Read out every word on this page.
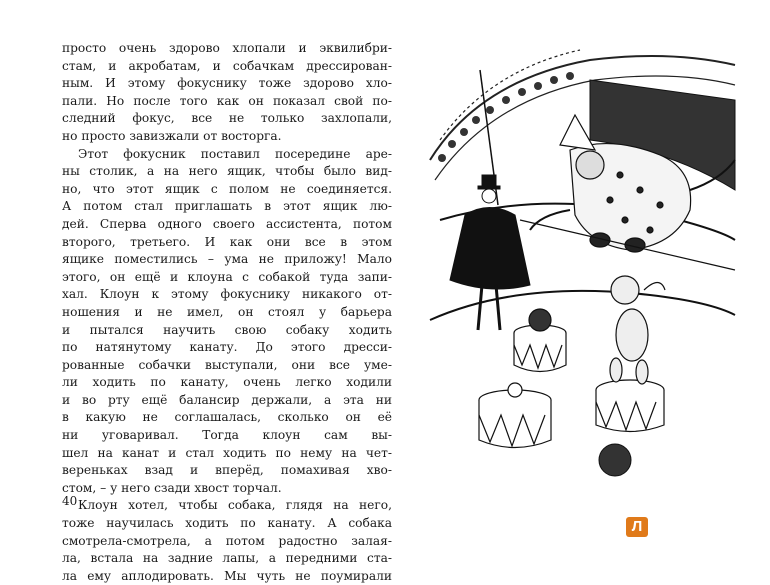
просто очень здорово хлопали и эквилибри-
стам, и акробатам, и собачкам дрессирован-
ным. И этому фокуснику тоже здорово хло-
пали. Но после того как он показал свой по-
следний фокус, все не только захлопали,
но просто завизжали от восторга.
Этот фокусник поставил посередине аре-
ны столик, а на него ящик, чтобы было вид-
но, что этот ящик с полом не соединяется.
А потом стал приглашать в этот ящик лю-
дей. Сперва одного своего ассистента, потом
второго, третьего. И как они все в этом
ящике поместились – ума не приложу! Мало
этого, он ещё и клоуна с собакой туда запи-
хал. Клоун к этому фокуснику никакого от-
ношения и не имел, он стоял у барьера
и пытался научить свою собаку ходить
по натянутому канату. До этого дресси-
рованные собачки выступали, они все уме-
ли ходить по канату, очень легко ходили
и во рту ещё балансир держали, а эта ни
в какую не соглашалась, сколько он её
ни уговаривал. Тогда клоун сам вы-
шел на канат и стал ходить по нему на чет-
вереньках взад и вперёд, помахивая хво-
стом, – у него сзади хвост торчал.
Клоун хотел, чтобы собака, глядя на него,
тоже научилась ходить по канату. А собака
смотрела-смотрела, а потом радостно залая-
ла, встала на задние лапы, а передними ста-
ла ему аплодировать. Мы чуть не поумирали
40
Л
